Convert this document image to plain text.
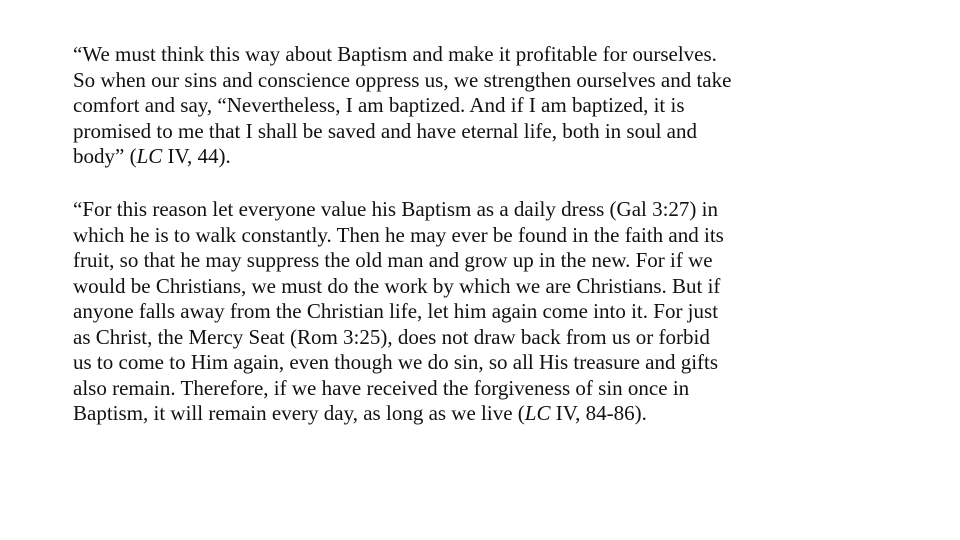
“We must think this way about Baptism and make it profitable for ourselves.
So when our sins and conscience oppress us, we strengthen ourselves and take
comfort and say, “Nevertheless, I am baptized. And if I am baptized, it is
promised to me that I shall be saved and have eternal life, both in soul and
body” (LC IV, 44).

“For this reason let everyone value his Baptism as a daily dress (Gal 3:27) in
which he is to walk constantly. Then he may ever be found in the faith and its
fruit, so that he may suppress the old man and grow up in the new. For if we
would be Christians, we must do the work by which we are Christians. But if
anyone falls away from the Christian life, let him again come into it. For just
as Christ, the Mercy Seat (Rom 3:25), does not draw back from us or forbid
us to come to Him again, even though we do sin, so all His treasure and gifts
also remain. Therefore, if we have received the forgiveness of sin once in
Baptism, it will remain every day, as long as we live (LC IV, 84-86).
